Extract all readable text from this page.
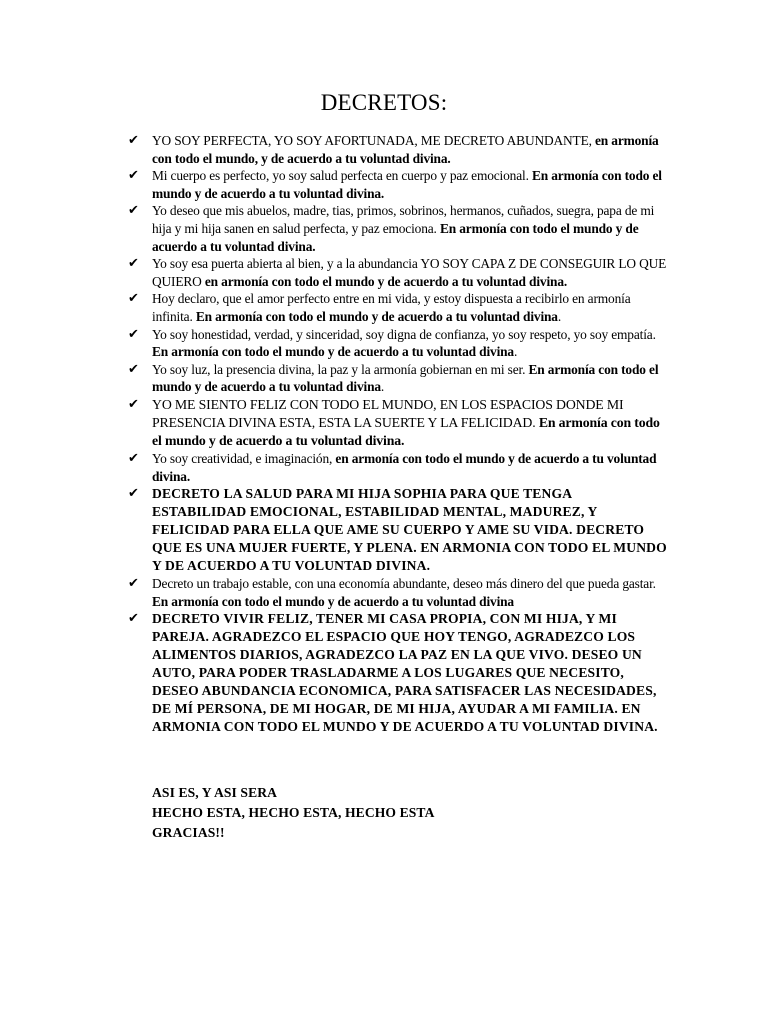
DECRETOS:
✔ YO SOY PERFECTA, YO SOY AFORTUNADA, ME DECRETO ABUNDANTE, en armonía con todo el mundo, y de acuerdo a tu voluntad divina.
✔ Mi cuerpo es perfecto, yo soy salud perfecta en cuerpo y paz emocional. En armonía con todo el mundo y de acuerdo a tu voluntad divina.
✔ Yo deseo que mis abuelos, madre, tias, primos, sobrinos, hermanos, cuñados, suegra, papa de mi hija y mi hija sanen en salud perfecta, y paz emociona. En armonía con todo el mundo y de acuerdo a tu voluntad divina.
✔ Yo soy esa puerta abierta al bien, y a la abundancia YO SOY CAPA Z DE CONSEGUIR LO QUE QUIERO en armonía con todo el mundo y de acuerdo a tu voluntad divina.
✔ Hoy declaro, que el amor perfecto entre en mi vida, y estoy dispuesta a recibirlo en armonía infinita. En armonía con todo el mundo y de acuerdo a tu voluntad divina.
✔ Yo soy honestidad, verdad, y sinceridad, soy digna de confianza, yo soy respeto, yo soy empatía. En armonía con todo el mundo y de acuerdo a tu voluntad divina.
✔ Yo soy luz, la presencia divina, la paz y la armonía gobiernan en mi ser. En armonía con todo el mundo y de acuerdo a tu voluntad divina.
✔ YO ME SIENTO FELIZ CON TODO EL MUNDO, EN LOS ESPACIOS DONDE MI PRESENCIA DIVINA ESTA, ESTA LA SUERTE Y LA FELICIDAD. En armonía con todo el mundo y de acuerdo a tu voluntad divina.
✔ Yo soy creatividad, e imaginación, en armonía con todo el mundo y de acuerdo a tu voluntad divina.
✔ DECRETO LA SALUD PARA MI HIJA SOPHIA PARA QUE TENGA ESTABILIDAD EMOCIONAL, ESTABILIDAD MENTAL, MADUREZ, Y FELICIDAD PARA ELLA QUE AME SU CUERPO Y AME SU VIDA. DECRETO QUE ES UNA MUJER FUERTE, Y PLENA. EN ARMONIA CON TODO EL MUNDO Y DE ACUERDO A TU VOLUNTAD DIVINA.
✔ Decreto un trabajo estable, con una economía abundante, deseo más dinero del que pueda gastar. En armonía con todo el mundo y de acuerdo a tu voluntad divina
✔ DECRETO VIVIR FELIZ, TENER MI CASA PROPIA, CON MI HIJA, Y MI PAREJA. AGRADEZCO EL ESPACIO QUE HOY TENGO, AGRADEZCO LOS ALIMENTOS DIARIOS, AGRADEZCO LA PAZ EN LA QUE VIVO. DESEO UN AUTO, PARA PODER TRASLADARME A LOS LUGARES QUE NECESITO, DESEO ABUNDANCIA ECONOMICA, PARA SATISFACER LAS NECESIDADES, DE MÍ PERSONA, DE MI HOGAR, DE MI HIJA, AYUDAR A MI FAMILIA. EN ARMONIA CON TODO EL MUNDO Y DE ACUERDO A TU VOLUNTAD DIVINA.
ASI ES, Y ASI SERA
HECHO ESTA, HECHO ESTA, HECHO ESTA
GRACIAS!!
